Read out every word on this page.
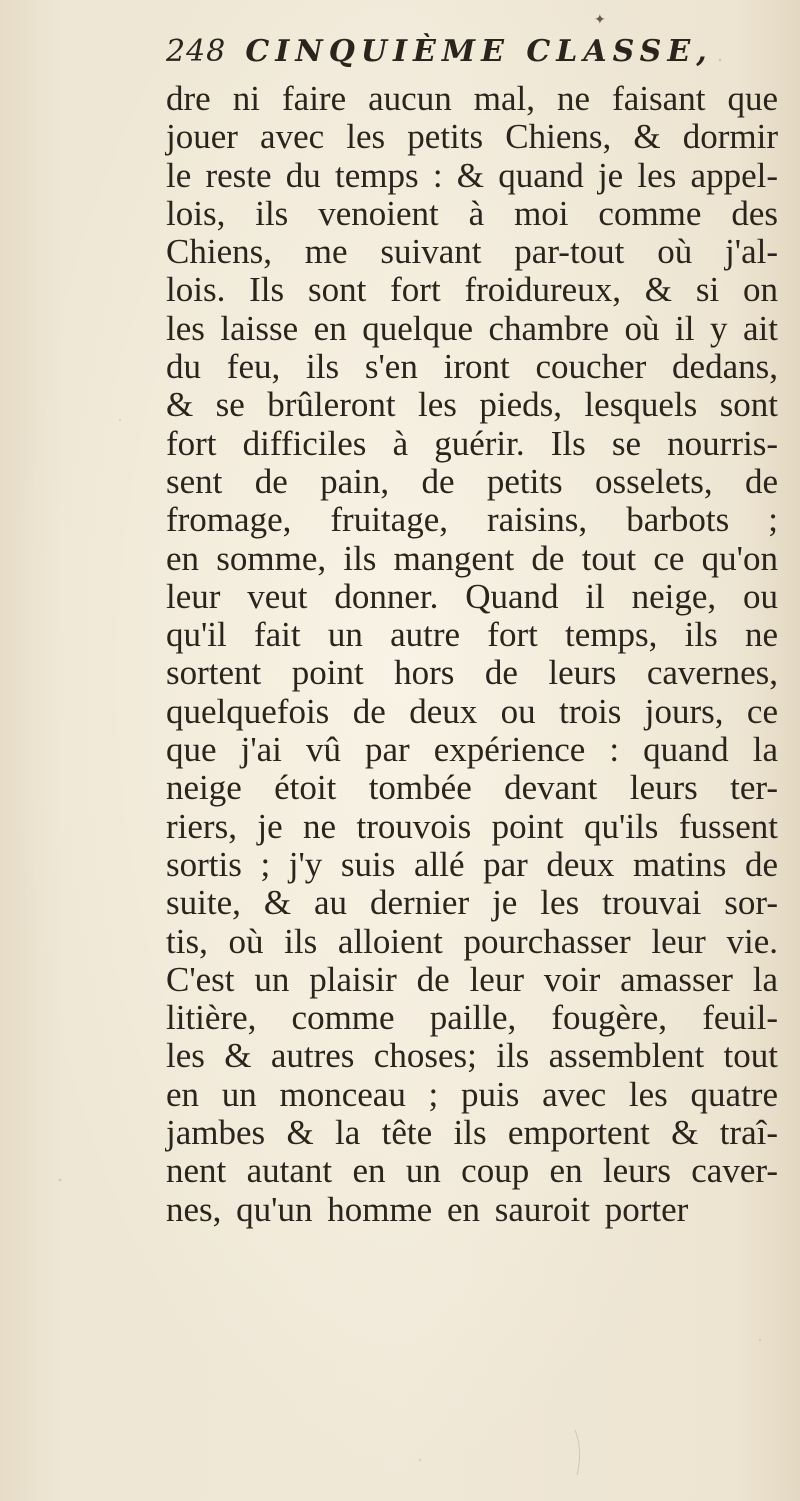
✦
248 CINQUIÈME CLASSE,
dre ni faire aucun mal, ne faisant que
jouer avec les petits Chiens, & dormir
le reste du temps : & quand je les appel-
lois, ils venoient à moi comme des
Chiens, me suivant par-tout où j'al-
lois. Ils sont fort froidureux, & si on
les laisse en quelque chambre où il y ait
du feu, ils s'en iront coucher dedans,
& se brûleront les pieds, lesquels sont
fort difficiles à guérir. Ils se nourris-
sent de pain, de petits osselets, de
fromage, fruitage, raisins, barbots ;
en somme, ils mangent de tout ce qu'on
leur veut donner. Quand il neige, ou
qu'il fait un autre fort temps, ils ne
sortent point hors de leurs cavernes,
quelquefois de deux ou trois jours, ce
que j'ai vû par expérience : quand la
neige étoit tombée devant leurs ter-
riers, je ne trouvois point qu'ils fussent
sortis ; j'y suis allé par deux matins de
suite, & au dernier je les trouvai sor-
tis, où ils alloient pourchasser leur vie.
C'est un plaisir de leur voir amasser la
litière, comme paille, fougère, feuil-
les & autres choses; ils assemblent tout
en un monceau ; puis avec les quatre
jambes & la tête ils emportent & traî-
nent autant en un coup en leurs caver-
nes, qu'un homme en sauroit porter
